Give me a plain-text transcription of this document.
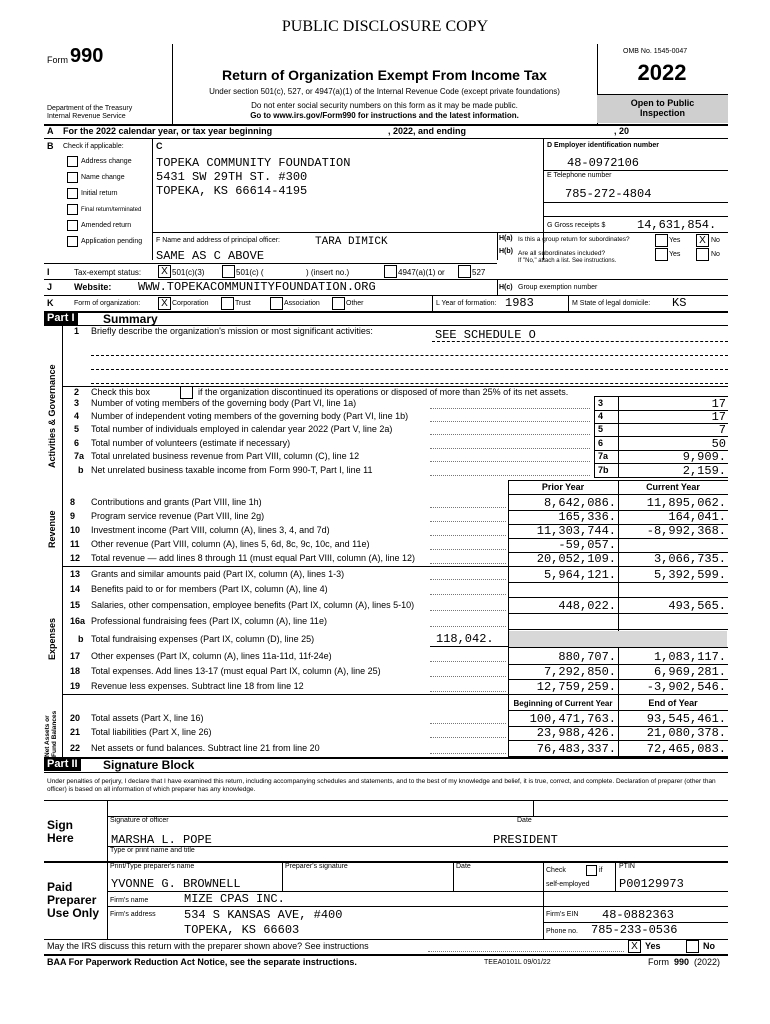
PUBLIC DISCLOSURE COPY
Form 990
Department of the Treasury
Internal Revenue Service
Return of Organization Exempt From Income Tax
Under section 501(c), 527, or 4947(a)(1) of the Internal Revenue Code (except private foundations)
Do not enter social security numbers on this form as it may be made public.
Go to www.irs.gov/Form990 for instructions and the latest information.
OMB No. 1545-0047
2022
Open to Public
Inspection
A For the 2022 calendar year, or tax year beginning	, 2022, and ending	, 20
B Check if applicable:
Address change
Name change
Initial return
Final return/terminated
Amended return
Application pending
C
TOPEKA COMMUNITY FOUNDATION
5431 SW 29TH ST. #300
TOPEKA, KS 66614-4195
D Employer identification number
48-0972106
E Telephone number
785-272-4804
G Gross receipts $	14,631,854.
F Name and address of principal officer:	TARA DIMICK
SAME AS C ABOVE
H(a) Is this a group return for subordinates?	Yes	X No
H(b) Are all subordinates included?
If "No," attach a list. See instructions.
Yes	No
I	Tax-exempt status:	X 501(c)(3)	501(c) (	) (insert no.)	4947(a)(1) or	527
J Website: WWW.TOPEKACOMMUNITYFOUNDATION.ORG	H(c) Group exemption number
K	Form of organization:	X Corporation	Trust	Association	Other	L Year of formation: 1983	M State of legal domicile: KS
Part I Summary
Activities & Governance
Revenue
Expenses
Net Assets or Fund Balances
1 Briefly describe the organization's mission or most significant activities:	SEE SCHEDULE O
2 Check this box	if the organization discontinued its operations or disposed of more than 25% of its net assets.
3 Number of voting members of the governing body (Part VI, line 1a)	3	17
4 Number of independent voting members of the governing body (Part VI, line 1b)	4	17
5 Total number of individuals employed in calendar year 2022 (Part V, line 2a)	5	7
6 Total number of volunteers (estimate if necessary)	6	50
7a Total unrelated business revenue from Part VIII, column (C), line 12	7a	9,909.
b Net unrelated business taxable income from Form 990-T, Part I, line 11	7b	2,159.
Prior Year	Current Year
8 Contributions and grants (Part VIII, line 1h)	8,642,086.	11,895,062.
9 Program service revenue (Part VIII, line 2g)	165,336.	164,041.
10 Investment income (Part VIII, column (A), lines 3, 4, and 7d)	11,303,744.	-8,992,368.
11 Other revenue (Part VIII, column (A), lines 5, 6d, 8c, 9c, 10c, and 11e)	-59,057.
12 Total revenue — add lines 8 through 11 (must equal Part VIII, column (A), line 12)	20,052,109.	3,066,735.
13 Grants and similar amounts paid (Part IX, column (A), lines 1-3)	5,964,121.	5,392,599.
14 Benefits paid to or for members (Part IX, column (A), line 4)
15 Salaries, other compensation, employee benefits (Part IX, column (A), lines 5-10)	448,022.	493,565.
16a Professional fundraising fees (Part IX, column (A), line 11e)
b Total fundraising expenses (Part IX, column (D), line 25)	118,042.
17 Other expenses (Part IX, column (A), lines 11a-11d, 11f-24e)	880,707.	1,083,117.
18 Total expenses. Add lines 13-17 (must equal Part IX, column (A), line 25)	7,292,850.	6,969,281.
19 Revenue less expenses. Subtract line 18 from line 12	12,759,259.	-3,902,546.
Beginning of Current Year	End of Year
20 Total assets (Part X, line 16)	100,471,763.	93,545,461.
21 Total liabilities (Part X, line 26)	23,988,426.	21,080,378.
22 Net assets or fund balances. Subtract line 21 from line 20	76,483,337.	72,465,083.
Part II Signature Block
Under penalties of perjury, I declare that I have examined this return, including accompanying schedules and statements, and to the best of my knowledge and belief, it is true, correct, and complete. Declaration of preparer (other than officer) is based on all information of which preparer has any knowledge.
Sign
Here
Signature of officer	Date
MARSHA L. POPE	PRESIDENT
Type or print name and title
Paid
Preparer
Use Only
Print/Type preparer's name	Preparer's signature	Date
Check	if
self-employed
PTIN
YVONNE G. BROWNELL	P00129973
Firm's name	MIZE CPAS INC.
Firm's EIN 48-0882363
Firm's address 534 S KANSAS AVE, #400
TOPEKA, KS 66603	Phone no. 785-233-0536
May the IRS discuss this return with the preparer shown above? See instructions	X Yes	No
BAA For Paperwork Reduction Act Notice, see the separate instructions.	TEEA0101L 09/01/22	Form 990 (2022)
